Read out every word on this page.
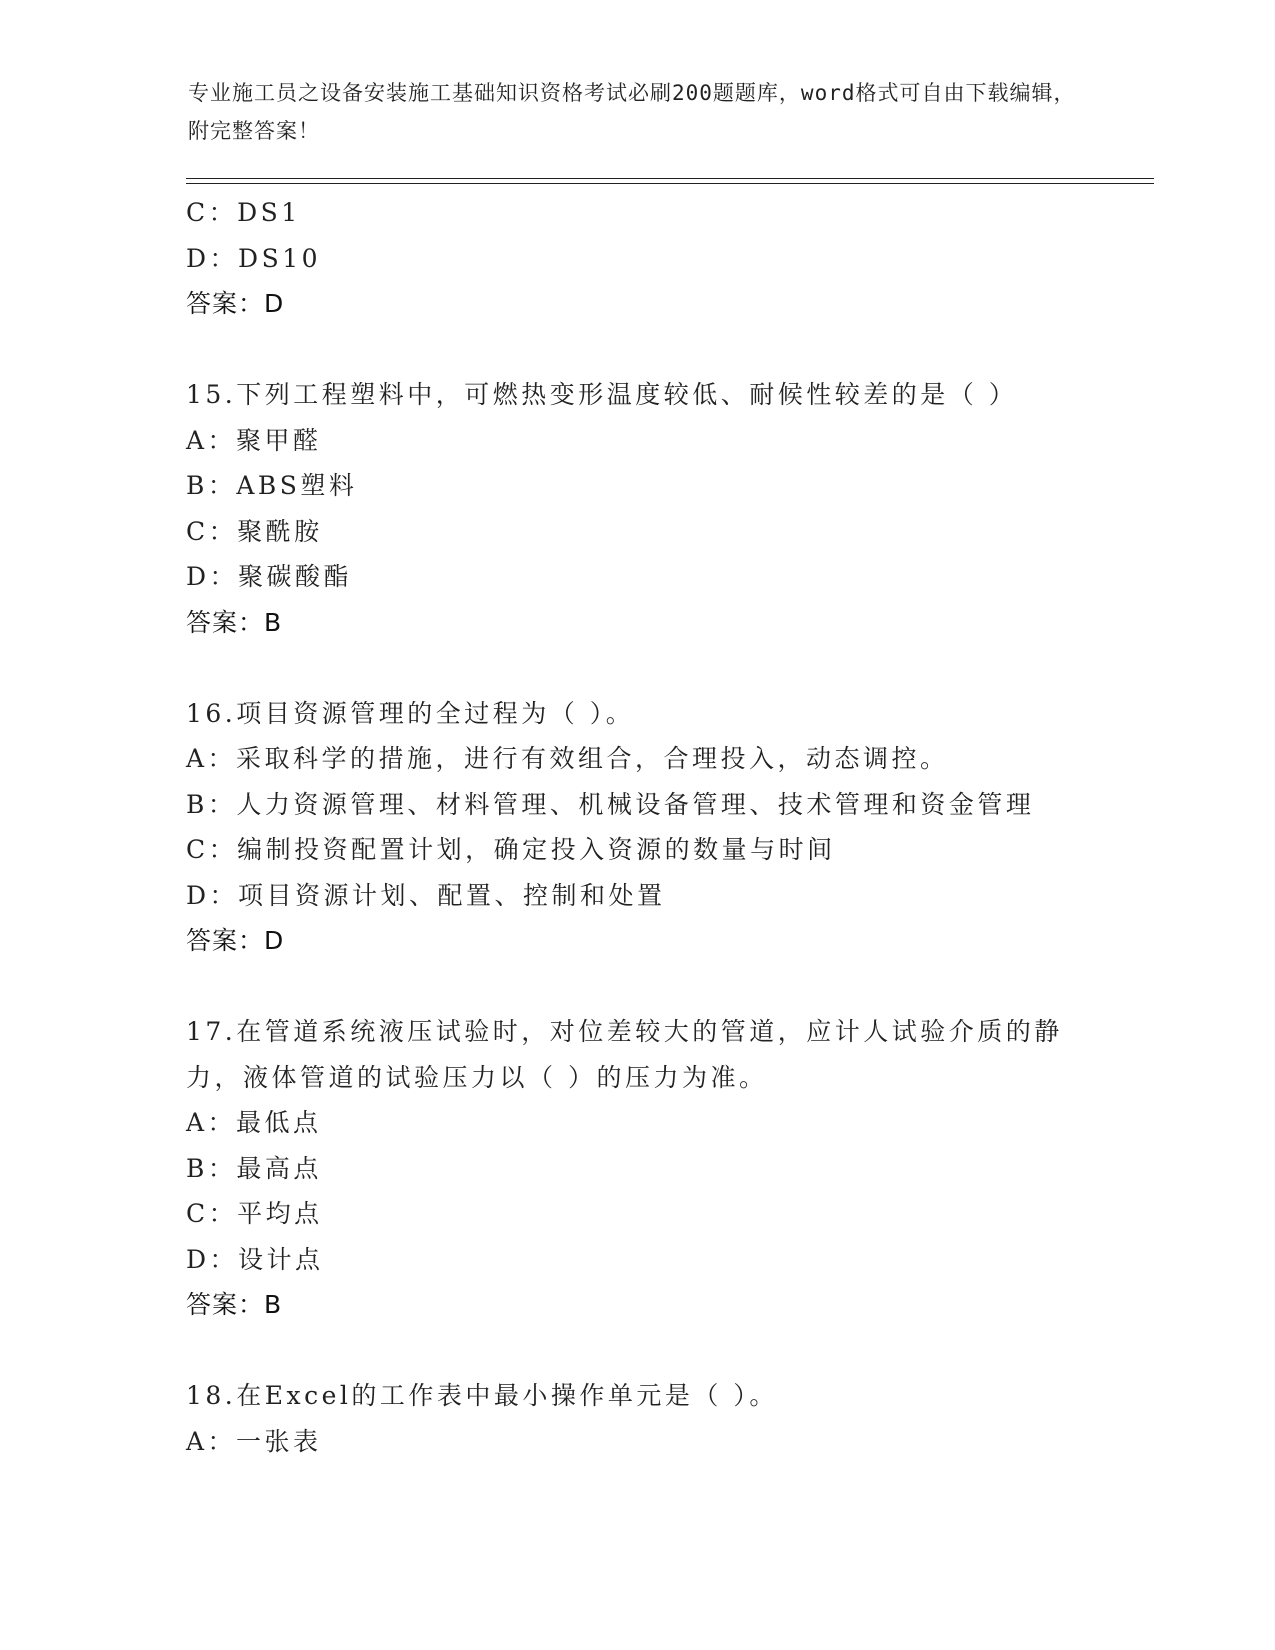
专业施工员之设备安装施工基础知识资格考试必刷200题题库，word格式可自由下载编辑，附完整答案！
C：DS1
D：DS10
答案：D
15.下列工程塑料中，可燃热变形温度较低、耐候性较差的是（ ）
A：聚甲醛
B：ABS塑料
C：聚酰胺
D：聚碳酸酯
答案：B
16.项目资源管理的全过程为（ ）。
A：采取科学的措施，进行有效组合，合理投入，动态调控。
B：人力资源管理、材料管理、机械设备管理、技术管理和资金管理
C：编制投资配置计划，确定投入资源的数量与时间
D：项目资源计划、配置、控制和处置
答案：D
17.在管道系统液压试验时，对位差较大的管道，应计人试验介质的静力，液体管道的试验压力以（ ）的压力为准。
A：最低点
B：最高点
C：平均点
D：设计点
答案：B
18.在Excel的工作表中最小操作单元是（ ）。
A：一张表
